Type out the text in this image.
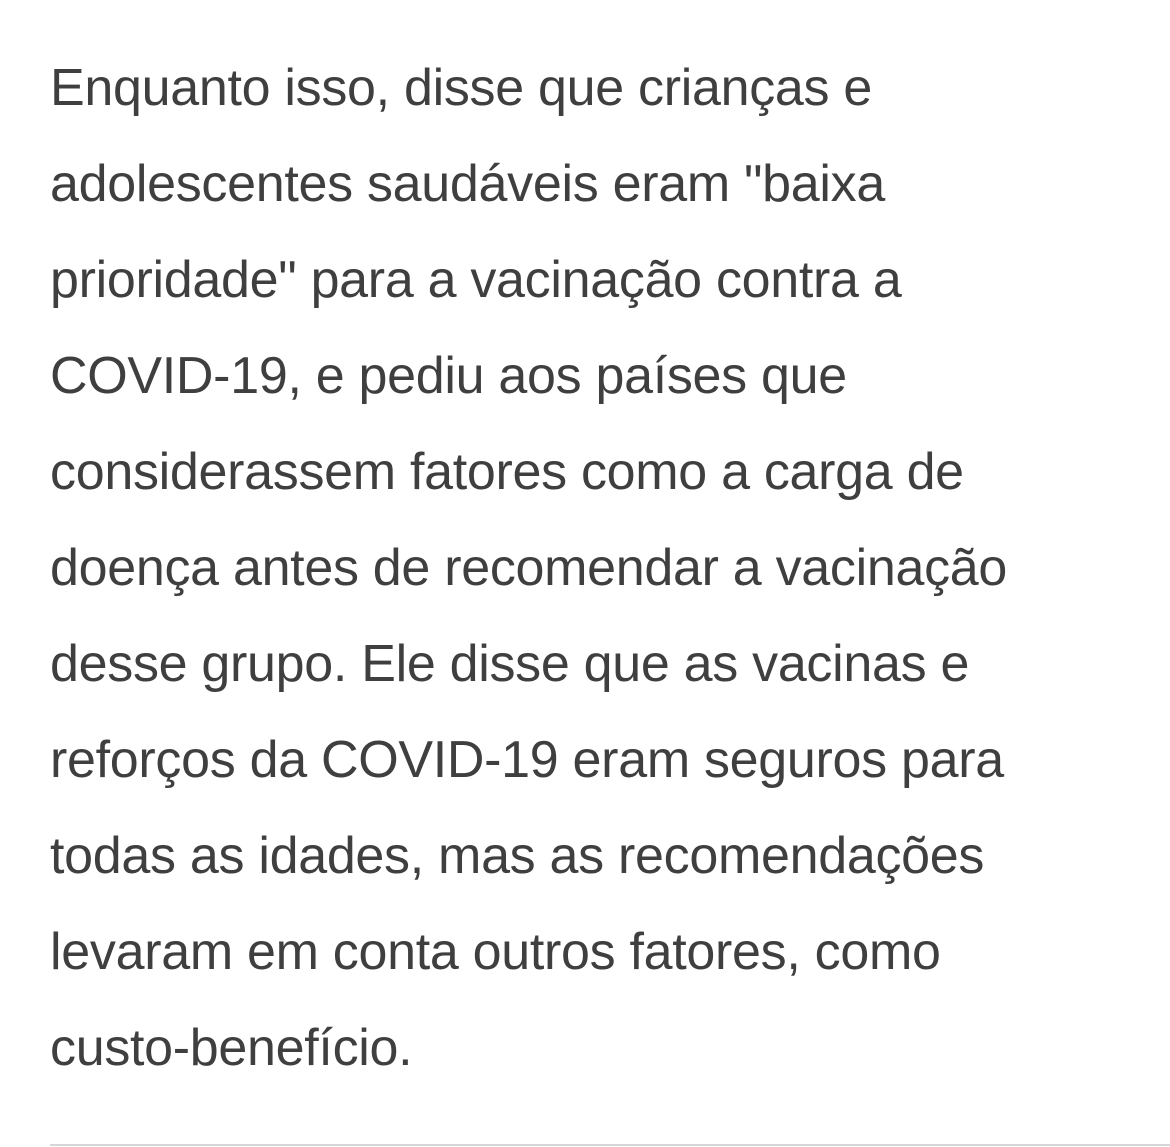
Enquanto isso, disse que crianças e
adolescentes saudáveis eram "baixa
prioridade" para a vacinação contra a
COVID-19, e pediu aos países que
considerassem fatores como a carga de
doença antes de recomendar a vacinação
desse grupo. Ele disse que as vacinas e
reforços da COVID-19 eram seguros para
todas as idades, mas as recomendações
levaram em conta outros fatores, como
custo-benefício.
